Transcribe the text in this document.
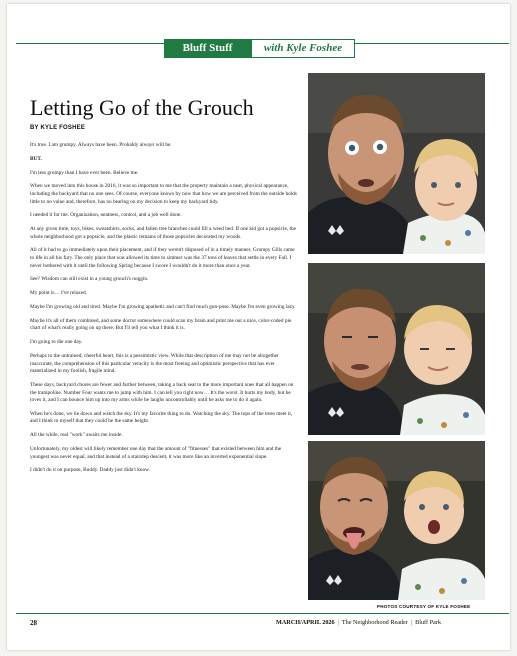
Bluff Stuff	with Kyle Foshee
Letting Go of the Grouch
BY KYLE FOSHEE

It's true. I am grumpy. Always have been. Probably always will be.

BUT.

I'm less grumpy than I have ever been. Believe me.

When we moved into this house in 2016, it was so important to me that the property maintain a neat, physical appearance, including the backyard that no one sees. Of course, everyone knows by now that how we are perceived from the outside holds little to no value and, therefore, has no bearing on my decision to keep my backyard tidy.

I needed it for me. Organization, neatness, control, and a job well done.

At any given time, toys, bikes, sweatshirts, socks, and fallen tree branches could fill a weed bed. If one kid got a popsicle, the whole neighborhood got a popsicle, and the plastic remains of those popsicles decorated my woods.

All of it had to go immediately upon their placement, and if they weren't disposed of in a timely manner, Grumpy Gills came to life in all his fury. The only place that was allowed its time to simmer was the 37 tons of leaves that settle in every Fall. I never bothered with it until the following Spring because I swore I wouldn't do it more than once a year.

See? Wisdom can still exist in a young grouch's noggin.

My point is… I've relaxed.

Maybe I'm growing old and tired. Maybe I'm growing apathetic and can't find much gun-pose. Maybe I'm even growing lazy.

Maybe it's all of them combined, and some doctor somewhere could scan my brain and print me out a nice, color-coded pie chart of what's really going on up there. But I'll tell you what I think it is.

I'm going to die one day.

Perhaps to the untrained, cheerful heart, this is a pessimistic view. While that description of me may not be altogether inaccurate, the comprehension of this particular veracity is the most freeing and optimistic perspective that has ever materialized in my foolish, fragile mind.

These days, backyard chores are fewer and farther between, taking a back seat to the more important ones that all happen on the trampoline. Number Four wants me to jump with him. I can tell you right now… It's the worst. It hurts my body, but he loves it, and I can bounce him up into my arms while he laughs uncontrollably until he asks me to do it again.

When he's done, we lie down and watch the sky. It's my favorite thing to do. Watching the sky. The tops of the trees meet it, and I think to myself that they could be the same height.

All the while, real "work" awaits me inside.

Unfortunately, my oldest will likely remember one day that the amount of "fitnesses" that existed between him and the youngest was never equal, and that instead of a stairstep descent, it was more like an inverted exponential slope.

I didn't do it on purpose, Buddy. Daddy just didn't know.

PHOTOS COURTESY OF KYLE FOSHEE
28	MARCH/APRIL 2026 | The Neighborhood Reader | Bluff Park
